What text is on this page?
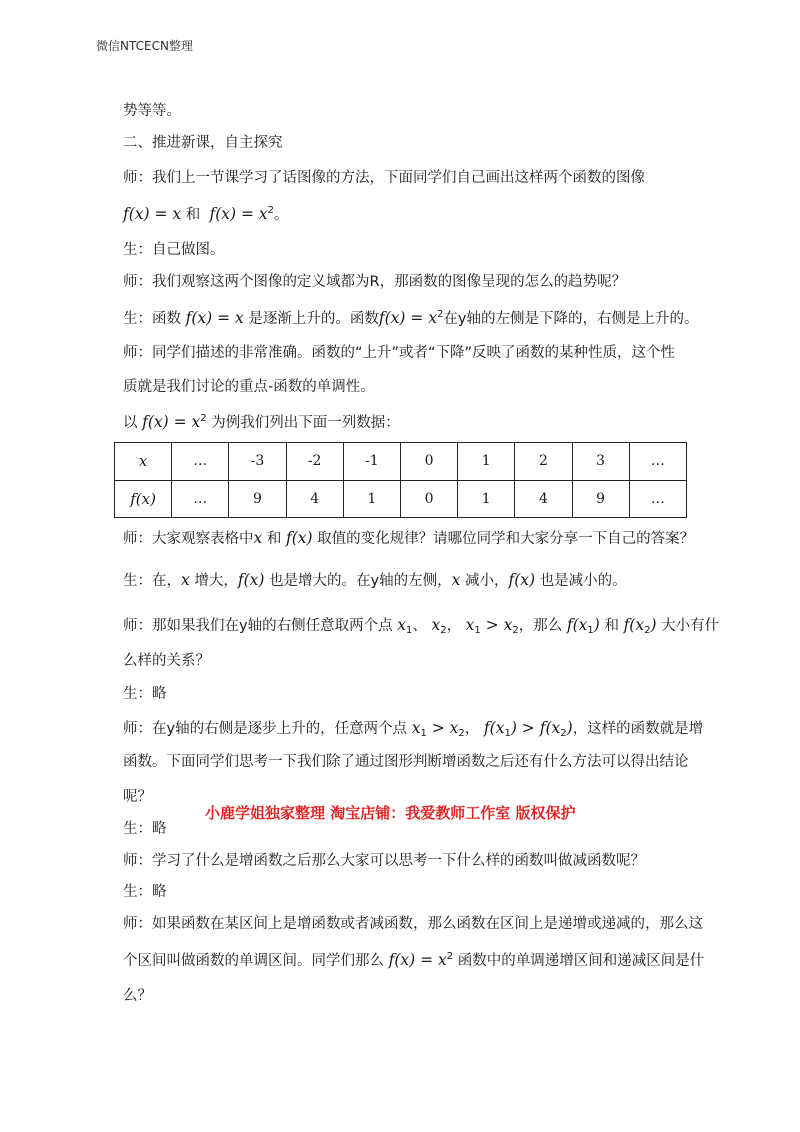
微信NTCECN整理
势等等。
二、推进新课，自主探究
师：我们上一节课学习了话图像的方法，下面同学们自己画出这样两个函数的图像
f(x) = x 和 $f(x) = x^2$。
生：自己做图。
师：我们观察这两个图像的定义域都为R，那函数的图像呈现的怎么的趋势呢？
生：函数 f(x) = x 是逐渐上升的。函数$f(x) = x^2$在y轴的左侧是下降的，右侧是上升的。
师：同学们描述的非常准确。函数的“上升”或者“下降”反映了函数的某种性质，这个性
质就是我们讨论的重点-函数的单调性。
以 $f(x) = x^2$ 为例我们列出下面一列数据：
x	…	-3	-2	-1	0	1	2	3	…
f(x)	…	9	4	1	0	1	4	9	…
师：大家观察表格中x 和 f(x) 取值的变化规律？请哪位同学和大家分享一下自己的答案？
生：在，x 增大，f(x) 也是增大的。在y轴的左侧，x 减小，f(x) 也是减小的。
师：那如果我们在y轴的右侧任意取两个点 $x_1$、 $x_2$， $x_1 > x_2$，那么 $f(x_1)$ 和 $f(x_2)$ 大小有什
么样的关系？
生：略
师：在y轴的右侧是逐步上升的，任意两个点 $x_1 > x_2$， $f(x_1) > f(x_2)$，这样的函数就是增
函数。下面同学们思考一下我们除了通过图形判断增函数之后还有什么方法可以得出结论
呢？
小鹿学姐独家整理 淘宝店铺：我爱教师工作室 版权保护
生：略
师：学习了什么是增函数之后那么大家可以思考一下什么样的函数叫做减函数呢？
生：略
师：如果函数在某区间上是增函数或者减函数，那么函数在区间上是递增或递减的，那么这
个区间叫做函数的单调区间。同学们那么 $f(x) = x^2$ 函数中的单调递增区间和递减区间是什
么？
